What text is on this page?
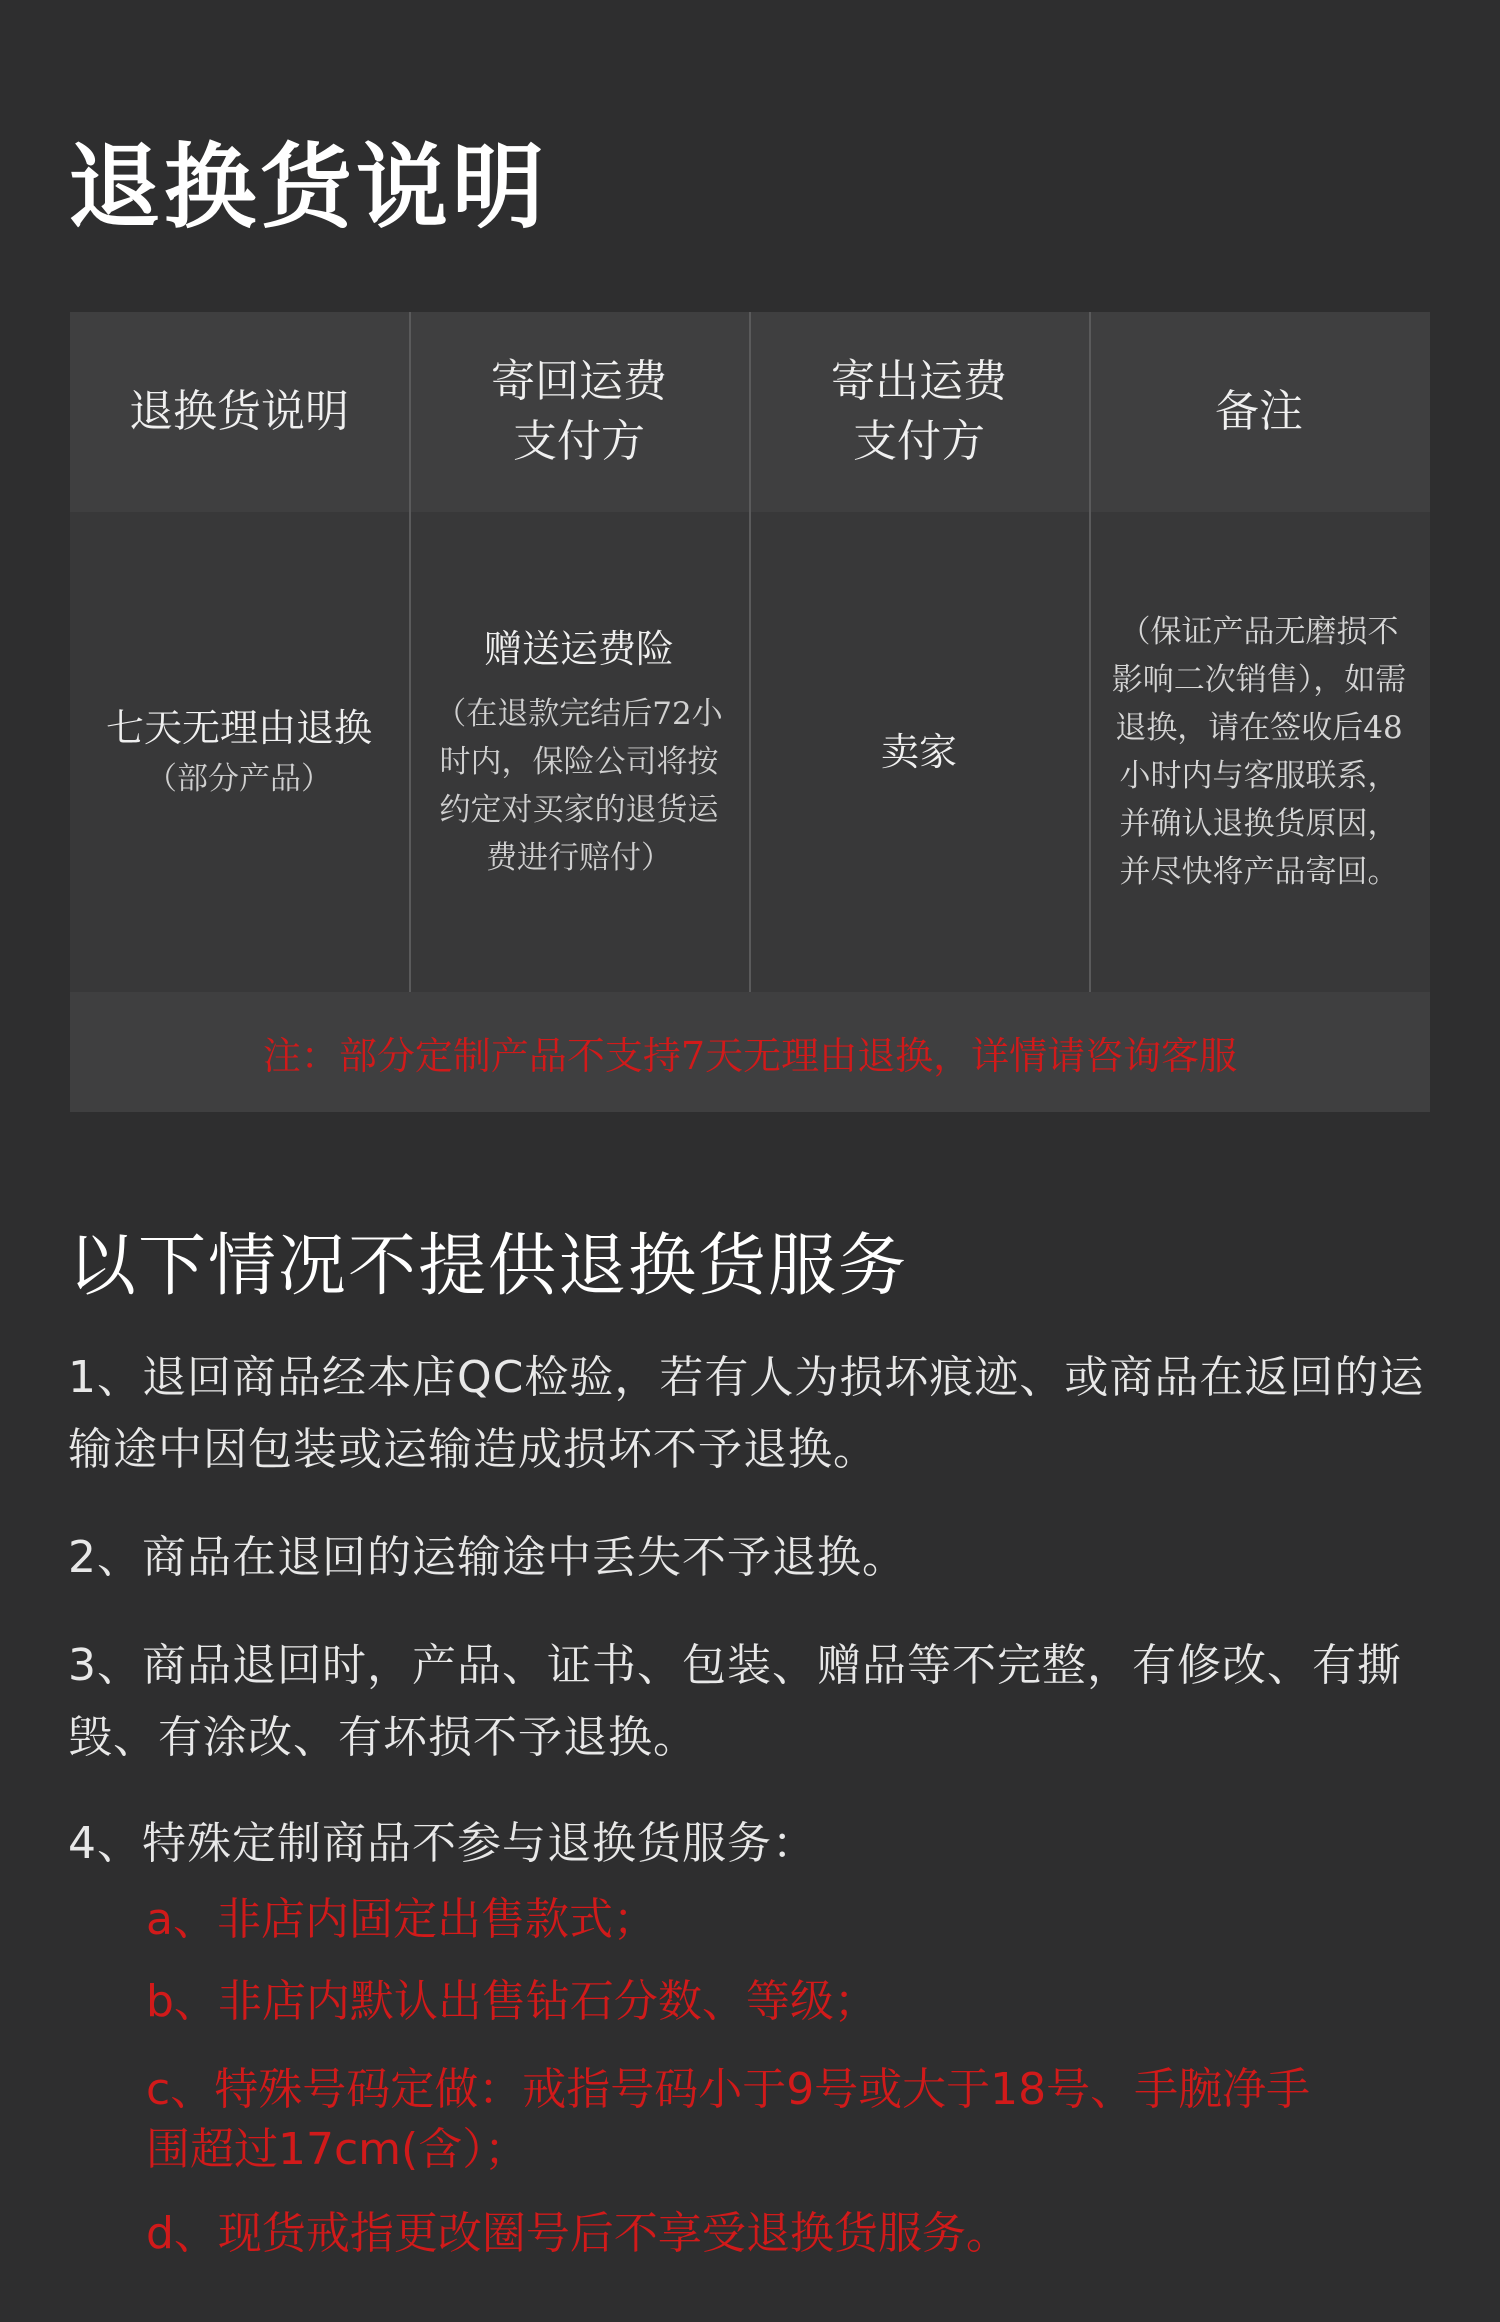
退换货说明
退换货说明
寄回运费
支付方
寄出运费
支付方
备注
七天无理由退换
（部分产品）
赠送运费险
（在退款完结后72小时内，保险公司将按约定对买家的退货运费进行赔付）
卖家
（保证产品无磨损不影响二次销售），如需退换，请在签收后48小时内与客服联系，并确认退换货原因，并尽快将产品寄回。
注：部分定制产品不支持7天无理由退换，详情请咨询客服
以下情况不提供退换货服务
1、退回商品经本店QC检验，若有人为损坏痕迹、或商品在返回的运输途中因包装或运输造成损坏不予退换。
2、商品在退回的运输途中丢失不予退换。
3、商品退回时，产品、证书、包装、赠品等不完整，有修改、有撕毁、有涂改、有坏损不予退换。
4、特殊定制商品不参与退换货服务：
a、非店内固定出售款式；
b、非店内默认出售钻石分数、等级；
c、特殊号码定做：戒指号码小于9号或大于18号、手腕净手围超过17cm(含）；
d、现货戒指更改圈号后不享受退换货服务。
